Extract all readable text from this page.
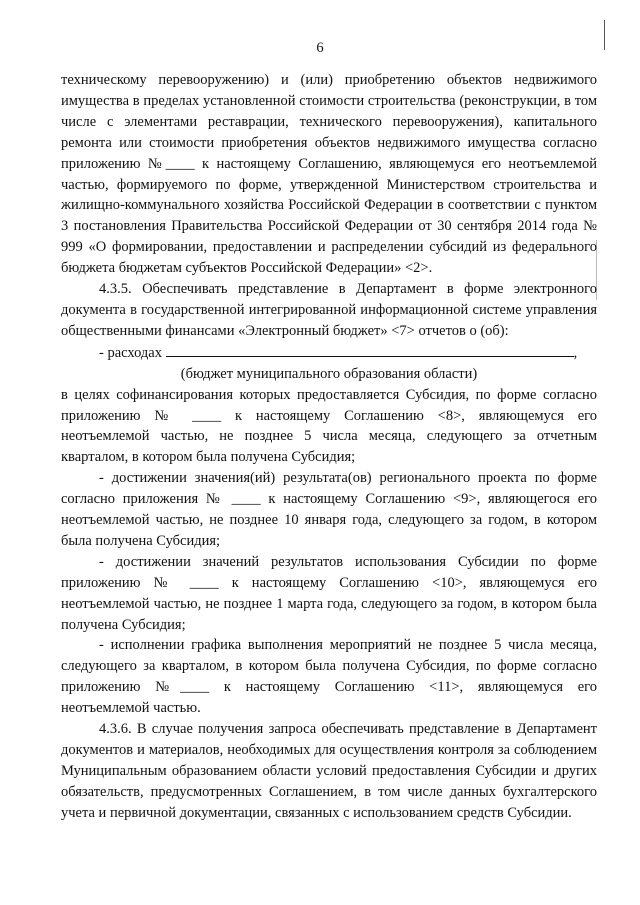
6

техническому перевооружению) и (или) приобретению объектов недвижимого имущества в пределах установленной стоимости строительства (реконструкции, в том числе с элементами реставрации, технического перевооружения), капитального ремонта или стоимости приобретения объектов недвижимого имущества согласно приложению №____ к настоящему Соглашению, являющемуся его неотъемлемой частью, формируемого по форме, утвержденной Министерством строительства и жилищно-коммунального хозяйства Российской Федерации в соответствии с пунктом 3 постановления Правительства Российской Федерации от 30 сентября 2014 года № 999 «О формировании, предоставлении и распределении субсидий из федерального бюджета бюджетам субъектов Российской Федерации» <2>.

4.3.5. Обеспечивать представление в Департамент в форме электронного документа в государственной интегрированной информационной системе управления общественными финансами «Электронный бюджет» <7> отчетов о (об):

- расходах	,

(бюджет муниципального образования области)

в целях софинансирования которых предоставляется Субсидия, по форме согласно приложению № ____ к настоящему Соглашению <8>, являющемуся его неотъемлемой частью, не позднее 5 числа месяца, следующего за отчетным кварталом, в котором была получена Субсидия;

- достижении значения(ий) результата(ов) регионального проекта по форме согласно приложения № ____ к настоящему Соглашению <9>, являющегося его неотъемлемой частью, не позднее 10 января года, следующего за годом, в котором была получена Субсидия;

- достижении значений результатов использования Субсидии по форме приложению № ____ к настоящему Соглашению <10>, являющемуся его неотъемлемой частью, не позднее 1 марта года, следующего за годом, в котором была получена Субсидия;

- исполнении графика выполнения мероприятий не позднее 5 числа месяца, следующего за кварталом, в котором была получена Субсидия, по форме согласно приложению №____ к настоящему Соглашению <11>, являющемуся его неотъемлемой частью.

4.3.6. В случае получения запроса обеспечивать представление в Департамент документов и материалов, необходимых для осуществления контроля за соблюдением Муниципальным образованием области условий предоставления Субсидии и других обязательств, предусмотренных Соглашением, в том числе данных бухгалтерского учета и первичной документации, связанных с использованием средств Субсидии.
